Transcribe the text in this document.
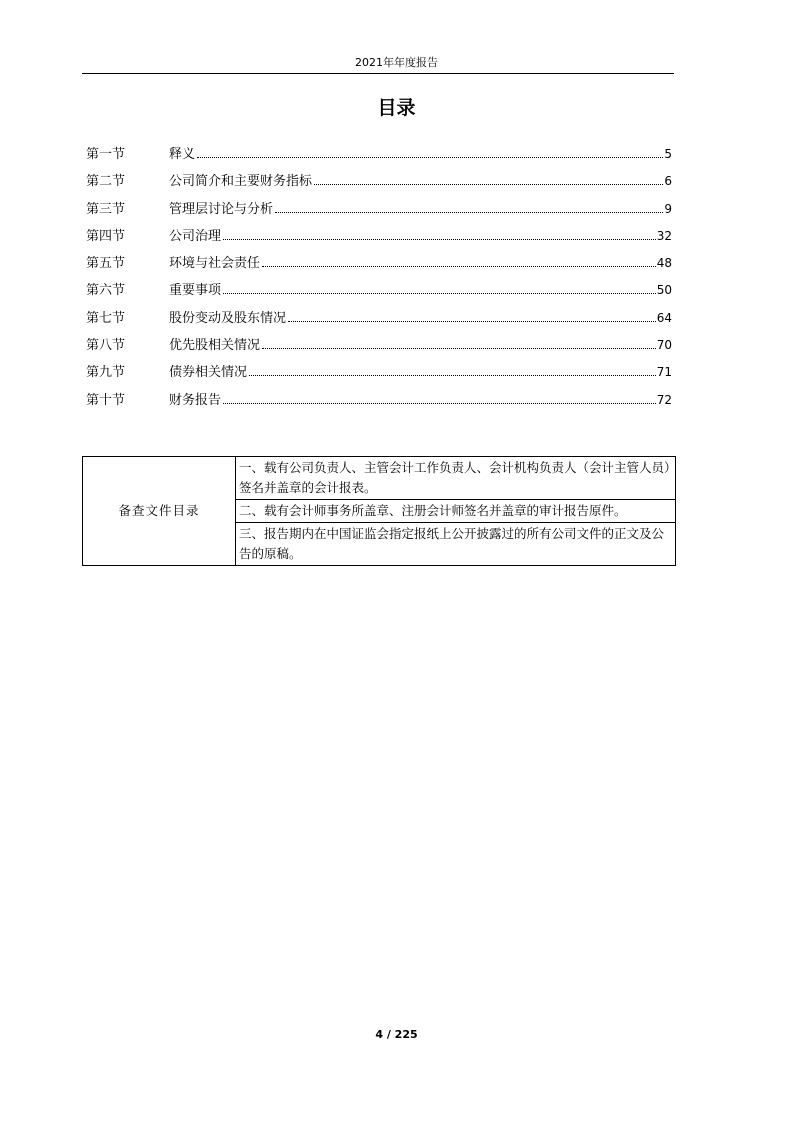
2021年年度报告
目录
第一节	释义	5
第二节	公司简介和主要财务指标	6
第三节	管理层讨论与分析	9
第四节	公司治理	32
第五节	环境与社会责任	48
第六节	重要事项	50
第七节	股份变动及股东情况	64
第八节	优先股相关情况	70
第九节	债券相关情况	71
第十节	财务报告	72
备查文件目录	一、载有公司负责人、主管会计工作负责人、会计机构负责人（会计主管人员）签名并盖章的会计报表。
二、载有会计师事务所盖章、注册会计师签名并盖章的审计报告原件。
三、报告期内在中国证监会指定报纸上公开披露过的所有公司文件的正文及公告的原稿。
4 / 225
